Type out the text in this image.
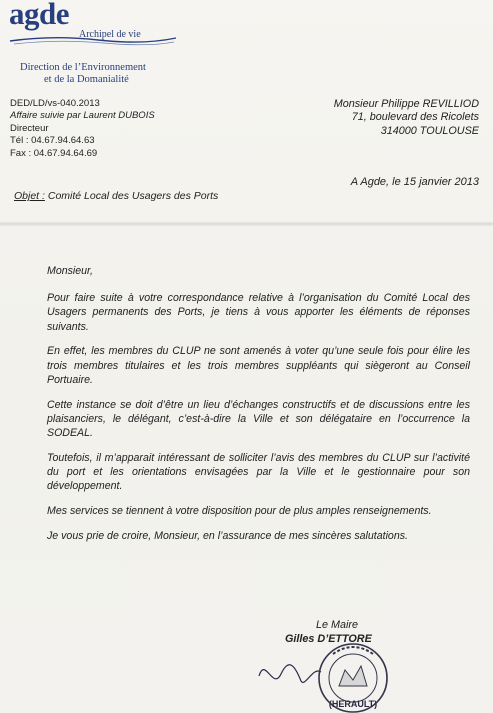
agde
Archipel de vie
Direction de l’Environnement
et de la Domanialité
DED/LD/vs-040.2013
Affaire suivie par Laurent DUBOIS
Directeur
Tél : 04.67.94.64.63
Fax : 04.67.94.64.69
Monsieur Philippe REVILLIOD
71, boulevard des Ricolets
314000 TOULOUSE
A Agde, le 15 janvier 2013
Objet : Comité Local des Usagers des Ports

Monsieur,

Pour faire suite à votre correspondance relative à l’organisation du Comité Local des Usagers permanents des Ports, je tiens à vous apporter les éléments de réponses suivants.

En effet, les membres du CLUP ne sont amenés à voter qu’une seule fois pour élire les trois membres titulaires et les trois membres suppléants qui siègeront au Conseil Portuaire.

Cette instance se doit d’être un lieu d’échanges constructifs et de discussions entre les plaisanciers, le délégant, c’est-à-dire la Ville et son délégataire en l’occurrence la SODEAL.

Toutefois, il m’apparait intéressant de solliciter l’avis des membres du CLUP sur l’activité du port et les orientations envisagées par la Ville et le gestionnaire pour son développement.

Mes services se tiennent à votre disposition pour de plus amples renseignements.

Je vous prie de croire, Monsieur, en l’assurance de mes sincères salutations.

Le Maire
Gilles D’ETTORE
(HERAULT)
